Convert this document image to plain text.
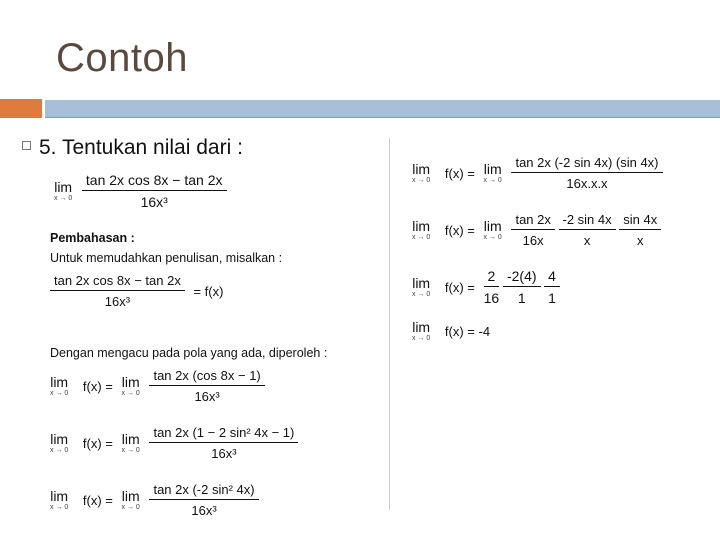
Contoh
5. Tentukan nilai dari :
lim
x → 0
$\frac{\text{tan 2x cos 8x − tan 2x}}{\text{16x³}}$
Pembahasan :
Untuk memudahkan penulisan, misalkan :
$\frac{\text{tan 2x cos 8x − tan 2x}}{\text{16x³}} = f(x)$
Dengan mengacu pada pola yang ada, diperoleh :
lim
x → 0 f(x) = lim
x → 0
$\frac{\tan 2x (\cos 8x - 1)}{\text{16x³}}$
lim
x → 0 f(x) = lim
x → 0
$\frac{\text{tan 2x (1 − 2 sin² 4x − 1)}}{\text{16x³}}$
lim
x → 0 f(x) = lim
x → 0
$\frac{\text{tan 2x (-2 sin² 4x)}}{\text{16x³}}$
lim
x → 0 f(x) = lim
x → 0
$\frac{\tan 2x (-2 \sin 4x) (\sin 4x)}{16x.x.x}$
lim
x → 0 f(x) = lim
x → 0
$\frac{\tan 2x}{16x}$
$\frac{-2 \sin 4x}{x}$
$\frac{\sin 4x}{x}$
lim
x → 0 $f(x) = \frac{2}{16}$
$\frac{-2(4)}{1}$
$\frac{4}{1}$
lim
x → 0 f(x) = -4
